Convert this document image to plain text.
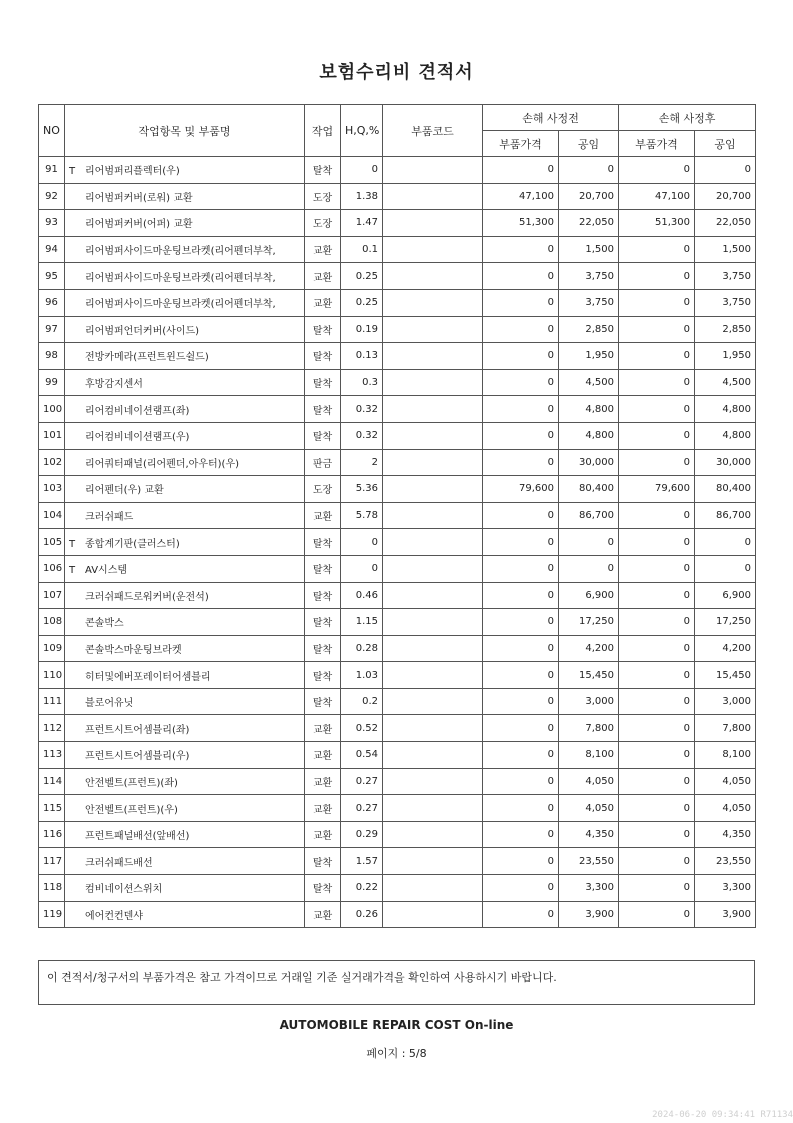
보험수리비 견적서
NO	작업항목 및 부품명	작업	H,Q,%	부품코드	손해 사정전		손해 사정후	
					부품가격	공임	부품가격	공임
91	T 리어범퍼리플렉터(우)	탈착	0		0	0	0	0
92	리어범퍼커버(로워) 교환	도장	1.38		47,100	20,700	47,100	20,700
93	리어범퍼커버(어퍼) 교환	도장	1.47		51,300	22,050	51,300	22,050
94	리어범퍼사이드마운팅브라켓(리어펜더부착,	교환	0.1		0	1,500	0	1,500
95	리어범퍼사이드마운팅브라켓(리어펜더부착,	교환	0.25		0	3,750	0	3,750
96	리어범퍼사이드마운팅브라켓(리어펜더부착,	교환	0.25		0	3,750	0	3,750
97	리어범퍼언더커버(사이드)	탈착	0.19		0	2,850	0	2,850
98	전방카메라(프런트윈드쉴드)	탈착	0.13		0	1,950	0	1,950
99	후방감지센서	탈착	0.3		0	4,500	0	4,500
100	리어컴비네이션램프(좌)	탈착	0.32		0	4,800	0	4,800
101	리어컴비네이션램프(우)	탈착	0.32		0	4,800	0	4,800
102	리어쿼터패널(리어펜더,아우터)(우)	판금	2		0	30,000	0	30,000
103	리어펜더(우) 교환	도장	5.36		79,600	80,400	79,600	80,400
104	크러쉬패드	교환	5.78		0	86,700	0	86,700
105	T 종합계기판(클러스터)	탈착	0		0	0	0	0
106	T AV시스템	탈착	0		0	0	0	0
107	크러쉬패드로워커버(운전석)	탈착	0.46		0	6,900	0	6,900
108	콘솔박스	탈착	1.15		0	17,250	0	17,250
109	콘솔박스마운팅브라켓	탈착	0.28		0	4,200	0	4,200
110	히터및에버포레이터어셈블리	탈착	1.03		0	15,450	0	15,450
111	블로어유닛	탈착	0.2		0	3,000	0	3,000
112	프런트시트어셈블리(좌)	교환	0.52		0	7,800	0	7,800
113	프런트시트어셈블리(우)	교환	0.54		0	8,100	0	8,100
114	안전벨트(프런트)(좌)	교환	0.27		0	4,050	0	4,050
115	안전벨트(프런트)(우)	교환	0.27		0	4,050	0	4,050
116	프런트패널배선(앞배선)	교환	0.29		0	4,350	0	4,350
117	크러쉬패드배선	탈착	1.57		0	23,550	0	23,550
118	컴비네이션스위치	탈착	0.22		0	3,300	0	3,300
119	에어컨컨덴샤	교환	0.26		0	3,900	0	3,900
이 견적서/청구서의 부품가격은 참고 가격이므로 거래일 기준 실거래가격을 확인하여 사용하시기 바랍니다.
AUTOMOBILE REPAIR COST On-line
페이지 : 5/8
2024-06-20 09:34:41 R71134
